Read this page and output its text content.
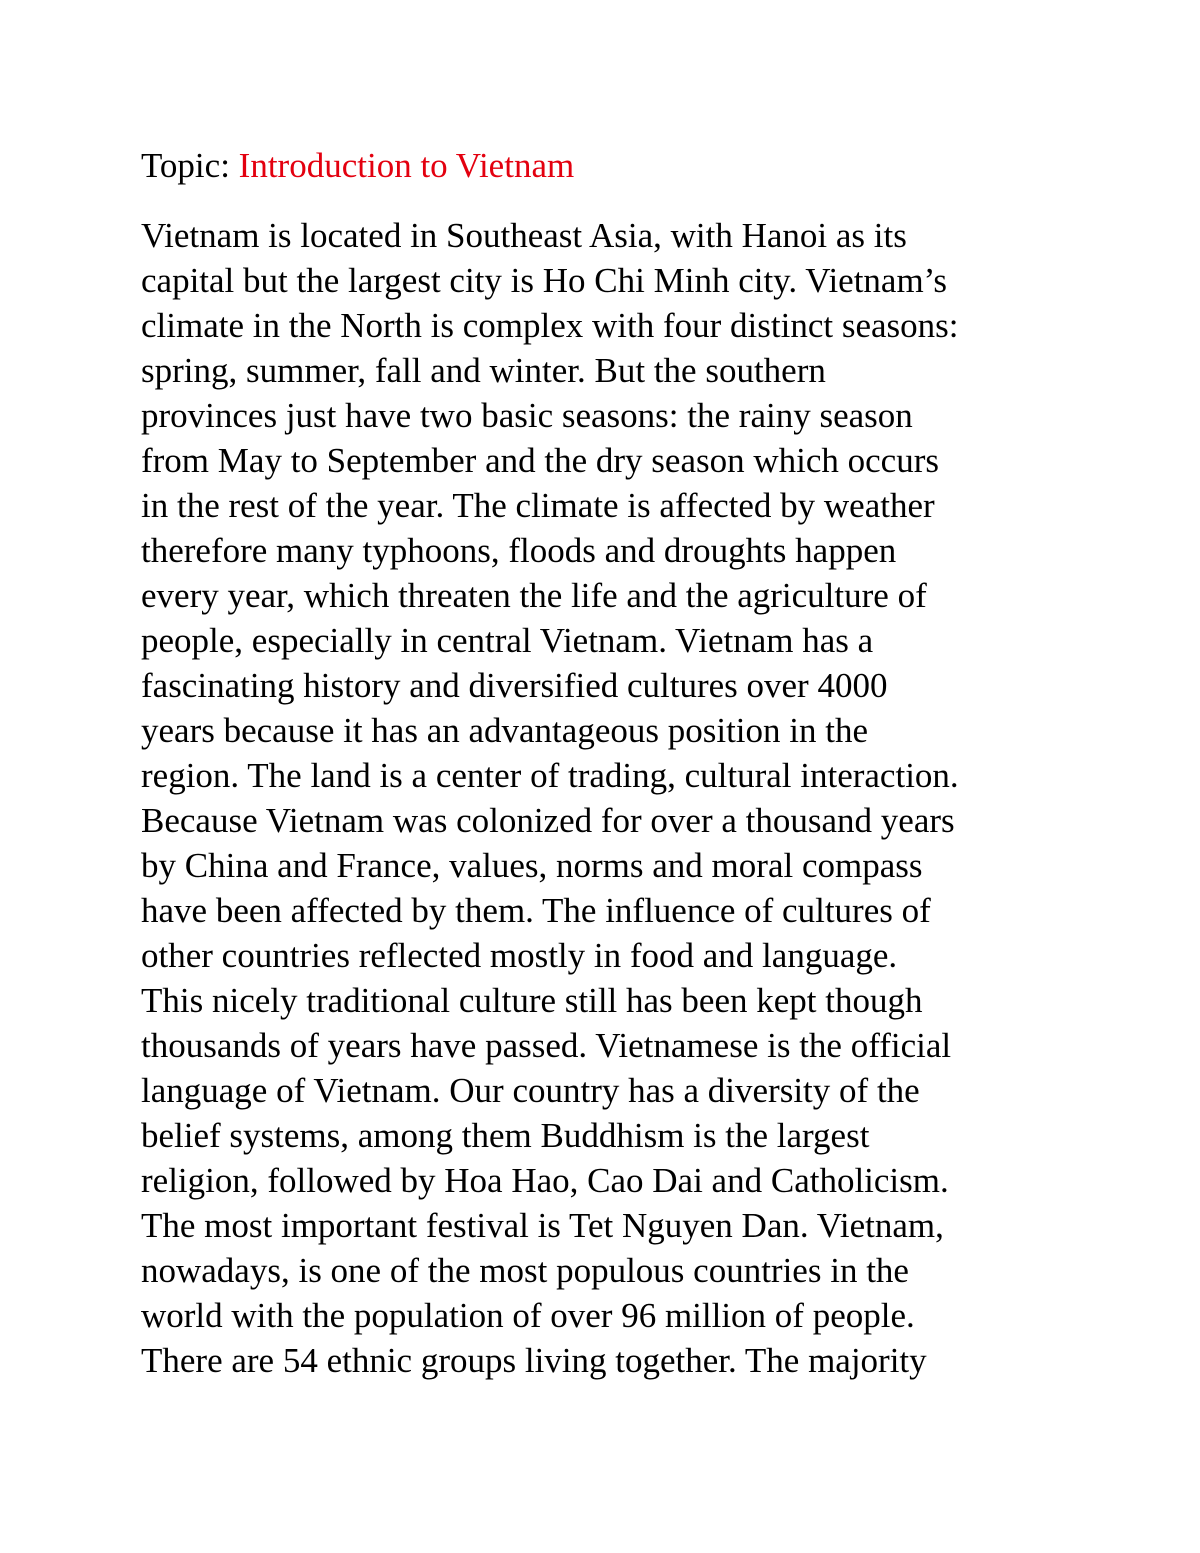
Topic: Introduction to Vietnam

Vietnam is located in Southeast Asia, with Hanoi as its
capital but the largest city is Ho Chi Minh city. Vietnam’s
climate in the North is complex with four distinct seasons:
spring, summer, fall and winter. But the southern
provinces just have two basic seasons: the rainy season
from May to September and the dry season which occurs
in the rest of the year. The climate is affected by weather
therefore many typhoons, floods and droughts happen
every year, which threaten the life and the agriculture of
people, especially in central Vietnam. Vietnam has a
fascinating history and diversified cultures over 4000
years because it has an advantageous position in the
region. The land is a center of trading, cultural interaction.
Because Vietnam was colonized for over a thousand years
by China and France, values, norms and moral compass
have been affected by them. The influence of cultures of
other countries reflected mostly in food and language.
This nicely traditional culture still has been kept though
thousands of years have passed. Vietnamese is the official
language of Vietnam. Our country has a diversity of the
belief systems, among them Buddhism is the largest
religion, followed by Hoa Hao, Cao Dai and Catholicism.
The most important festival is Tet Nguyen Dan. Vietnam,
nowadays, is one of the most populous countries in the
world with the population of over 96 million of people.
There are 54 ethnic groups living together. The majority
